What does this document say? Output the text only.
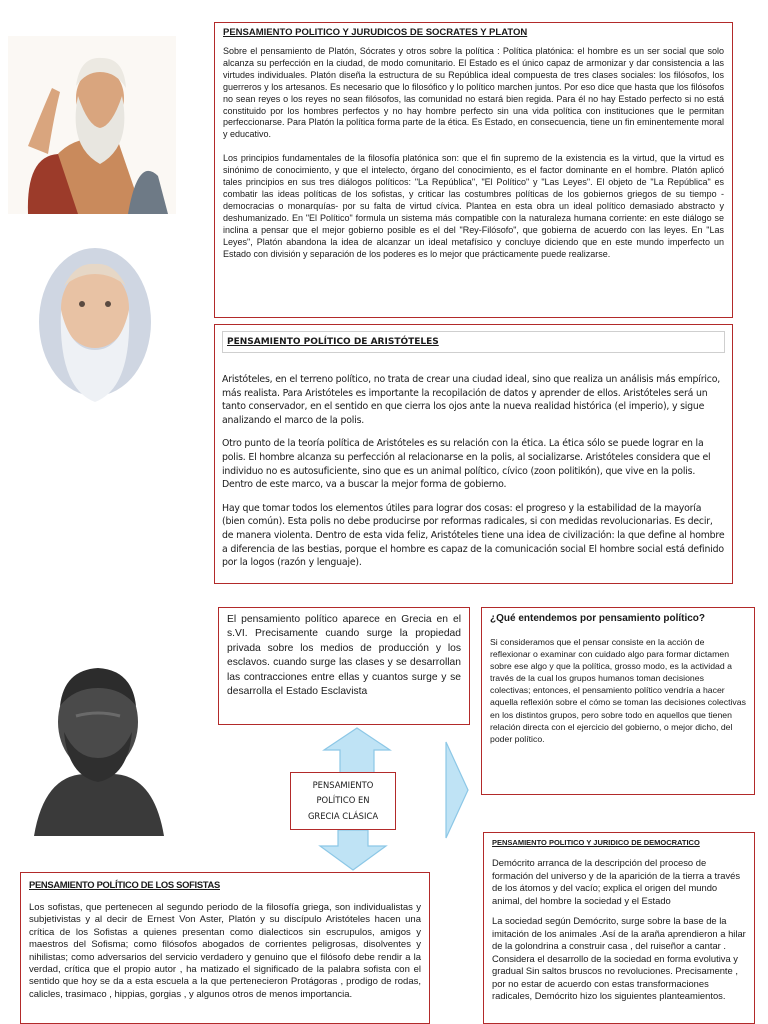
PENSAMIENTO POLITICO Y JURUDICOS DE SOCRATES Y PLATON

Sobre el pensamiento de Platón, Sócrates y otros sobre la política : Política platónica: el hombre es un ser social que solo alcanza su perfección en la ciudad, de modo comunitario. El Estado es el único capaz de armonizar y dar consistencia a las virtudes individuales. Platón diseña la estructura de su República ideal compuesta de tres clases sociales: los filósofos, los guerreros y los artesanos. Es necesario que lo filosófico y lo político marchen juntos. Por eso dice que hasta que los filósofos no sean reyes o los reyes no sean filósofos, las comunidad no estará bien regida. Para él no hay Estado perfecto si no está constituido por los hombres perfectos y no hay hombre perfecto sin una vida política con instituciones que le permitan perfeccionarse. Para Platón la política forma parte de la ética. Es Estado, en consecuencia, tiene un fin eminentemente moral y educativo.

Los principios fundamentales de la filosofía platónica son: que el fin supremo de la existencia es la virtud, que la virtud es sinónimo de conocimiento, y que el intelecto, órgano del conocimiento, es el factor dominante en el hombre. Platón aplicó tales principios en sus tres diálogos políticos: "La República", "El Político" y "Las Leyes". El objeto de "La República" es combatir las ideas políticas de los sofistas, y criticar las costumbres políticas de los gobiernos griegos de su tiempo -democracias o monarquías- por su falta de virtud cívica. Plantea en esta obra un ideal político demasiado abstracto y deshumanizado. En "El Político" formula un sistema más compatible con la naturaleza humana corriente: en este diálogo se inclina a pensar que el mejor gobierno posible es el del "Rey-Filósofo", que gobierna de acuerdo con las leyes. En "Las Leyes", Platón abandona la idea de alcanzar un ideal metafísico y concluye diciendo que en este mundo imperfecto un Estado con división y separación de los poderes es lo mejor que prácticamente puede realizarse.

PENSAMIENTO POLÍTICO DE ARISTÓTELES

Aristóteles, en el terreno político, no trata de crear una ciudad ideal, sino que realiza un análisis más empírico, más realista. Para Aristóteles es importante la recopilación de datos y aprender de ellos. Aristóteles será un tanto conservador, en el sentido en que cierra los ojos ante la nueva realidad histórica (el imperio), y sigue analizando el marco de la polis.

Otro punto de la teoría política de Aristóteles es su relación con la ética. La ética sólo se puede lograr en la polis. El hombre alcanza su perfección al relacionarse en la polis, al socializarse. Aristóteles considera que el individuo no es autosuficiente, sino que es un animal político, cívico (zoon politikón), que vive en la polis. Dentro de este marco, va a buscar la mejor forma de gobierno.

Hay que tomar todos los elementos útiles para lograr dos cosas: el progreso y la estabilidad de la mayoría (bien común). Esta polis no debe producirse por reformas radicales, si con medidas revolucionarias. Es decir, de manera violenta. Dentro de esta vida feliz, Aristóteles tiene una idea de civilización: la que define al hombre a diferencia de las bestias, porque el hombre es capaz de la comunicación social El hombre social está definido por la logos (razón y lenguaje).

El pensamiento político aparece en Grecia en el s.VI. Precisamente cuando surge la propiedad privada sobre los medios de producción y los esclavos. cuando surge las clases y se desarrollan las contracciones entre ellas y cuantos surge y se desarrolla el Estado Esclavista

¿Qué entendemos por pensamiento político?

Si consideramos que el pensar consiste en la acción de reflexionar o examinar con cuidado algo para formar dictamen sobre ese algo y que la política, grosso modo, es la actividad a través de la cual los grupos humanos toman decisiones colectivas; entonces, el pensamiento político vendría a hacer aquella reflexión sobre el cómo se toman las decisiones colectivas en los distintos grupos, pero sobre todo en aquellos que tienen relación directa con el ejercicio del gobierno, o mejor dicho, del poder político.

PENSAMIENTO POLÍTICO EN GRECIA CLÁSICA

PENSAMIENTO POLÍTICO DE LOS SOFISTAS

Los sofistas, que pertenecen al segundo periodo de la filosofía griega, son individualistas y subjetivistas y al decir de Ernest Von Aster, Platón y su discípulo Aristóteles hacen una crítica de los Sofistas a quienes presentan como dialecticos sin escrupulos, amigos y maestros del Sofisma; como filósofos abogados de corrientes peligrosas, disolventes y nihilistas; como adversarios del servicio verdadero y genuino que el filósofo debe rendir a la verdad, crítica que el propio autor , ha matizado el significado de la palabra sofista con el sentido que hoy se da a esta escuela a la que pertenecieron Protágoras , prodigo de rodas, calicles, trasimaco , hippias, gorgias , y algunos otros de menos importancia.

PENSAMIENTO POLITICO Y JURIDICO DE DEMOCRATICO

Demócrito arranca de la descripción del proceso de formación del universo y de la aparición de la tierra a través de los átomos y del vacío; explica el origen del mundo animal, del hombre la sociedad y el Estado

La sociedad según Demócrito, surge sobre la base de la imitación de los animales .Así de la araña aprendieron a hilar de la golondrina a construir casa , del ruiseñor a cantar . Considera el desarrollo de la sociedad en forma evolutiva y gradual Sin saltos bruscos no revoluciones. Precisamente , por no estar de acuerdo con estas transformaciones radicales, Demócrito hizo los siguientes planteamientos.
